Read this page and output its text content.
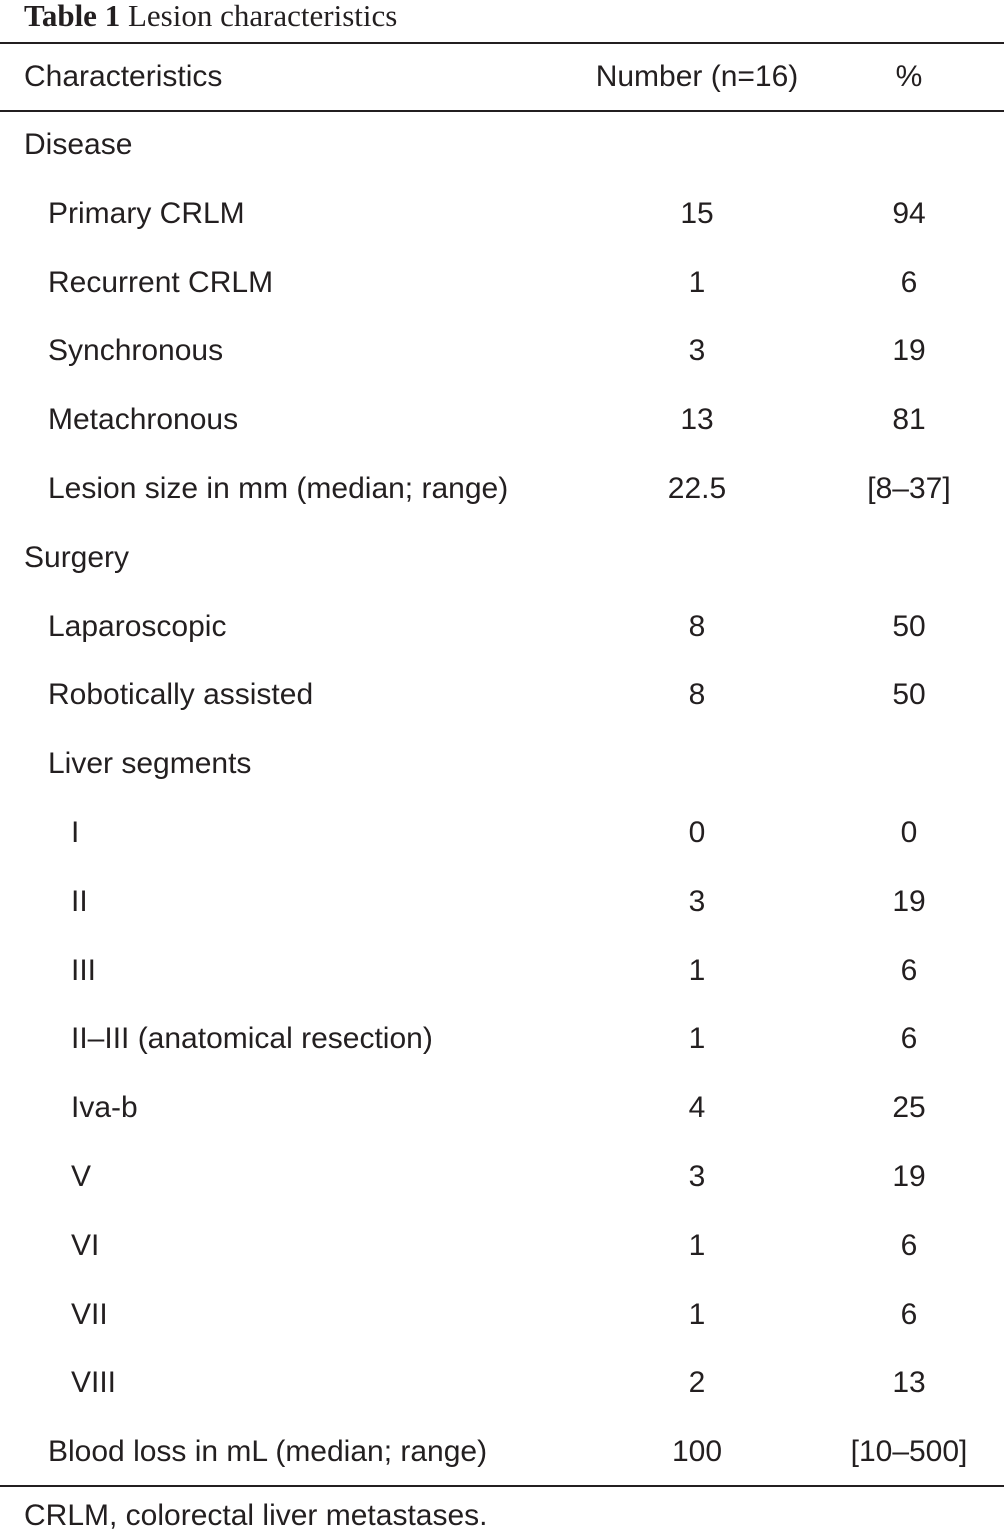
Table 1 Lesion characteristics
Characteristics	Number (n=16)	%
Disease
Primary CRLM	15	94
Recurrent CRLM	1	6
Synchronous	3	19
Metachronous	13	81
Lesion size in mm (median; range)	22.5	[8–37]
Surgery
Laparoscopic	8	50
Robotically assisted	8	50
Liver segments
I	0	0
II	3	19
III	1	6
II–III (anatomical resection)	1	6
Iva-b	4	25
V	3	19
VI	1	6
VII	1	6
VIII	2	13
Blood loss in mL (median; range)	100	[10–500]
CRLM, colorectal liver metastases.
